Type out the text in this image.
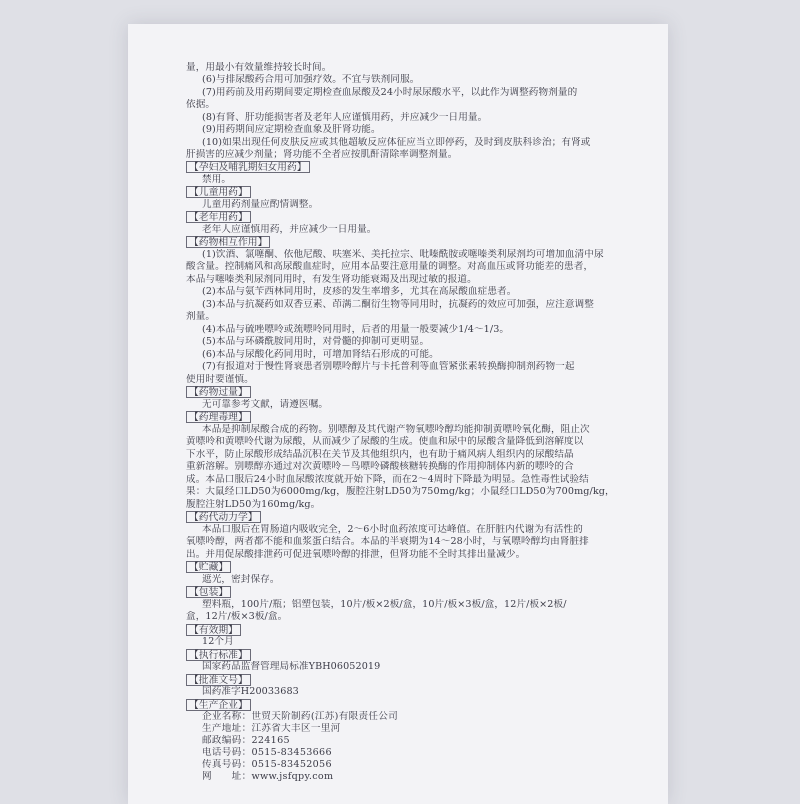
量，用最小有效量维持较长时间。
(6)与排尿酸药合用可加强疗效。不宜与铁剂同服。
(7)用药前及用药期间要定期检查血尿酸及24小时尿尿酸水平，以此作为调整药物剂量的
依据。
(8)有肾、肝功能损害者及老年人应谨慎用药，并应减少一日用量。
(9)用药期间应定期检查血象及肝肾功能。
(10)如果出现任何皮肤反应或其他超敏反应体征应当立即停药，及时到皮肤科诊治；有肾或
肝损害的应减少剂量；肾功能不全者应按肌酐清除率调整剂量。
【孕妇及哺乳期妇女用药】
禁用。
【儿童用药】
儿童用药剂量应酌情调整。
【老年用药】
老年人应谨慎用药，并应减少一日用量。
【药物相互作用】
(1)饮酒、氯噻酮、依他尼酸、呋塞米、美托拉宗、吡嗪酰胺或噻嗪类利尿剂均可增加血清中尿
酸含量。控制痛风和高尿酸血症时，应用本品要注意用量的调整。对高血压或肾功能差的患者，
本品与噻嗪类利尿剂同用时，有发生肾功能衰竭及出现过敏的报道。
(2)本品与氨苄西林同用时，皮疹的发生率增多，尤其在高尿酸血症患者。
(3)本品与抗凝药如双香豆素、茚满二酮衍生物等同用时，抗凝药的效应可加强，应注意调整
剂量。
(4)本品与硫唑嘌呤或巯嘌呤同用时，后者的用量一般要减少1/4～1/3。
(5)本品与环磷酰胺同用时，对骨髓的抑制可更明显。
(6)本品与尿酸化药同用时，可增加肾结石形成的可能。
(7)有报道对于慢性肾衰患者别嘌呤醇片与卡托普利等血管紧张素转换酶抑制剂药物一起
使用时要谨慎。
【药物过量】
无可靠参考文献，请遵医嘱。
【药理毒理】
本品是抑制尿酸合成的药物。别嘌醇及其代谢产物氧嘌呤醇均能抑制黄嘌呤氧化酶，阻止次
黄嘌呤和黄嘌呤代谢为尿酸，从而减少了尿酸的生成。使血和尿中的尿酸含量降低到溶解度以
下水平，防止尿酸形成结晶沉积在关节及其他组织内，也有助于痛风病人组织内的尿酸结晶
重新溶解。别嘌醇亦通过对次黄嘌呤－鸟嘌呤磷酸核糖转换酶的作用抑制体内新的嘌呤的合
成。本品口服后24小时血尿酸浓度就开始下降，而在2～4周时下降最为明显。急性毒性试验结
果：大鼠经口LD50为6000mg/kg，腹腔注射LD50为750mg/kg；小鼠经口LD50为700mg/kg，
腹腔注射LD50为160mg/kg。
【药代动力学】
本品口服后在胃肠道内吸收完全，2～6小时血药浓度可达峰值。在肝脏内代谢为有活性的
氧嘌呤醇，两者都不能和血浆蛋白结合。本品的半衰期为14～28小时，与氧嘌呤醇均由肾脏排
出。并用促尿酸排泄药可促进氧嘌呤醇的排泄，但肾功能不全时其排出量减少。
【贮藏】
遮光，密封保存。
【包装】
塑料瓶，100片/瓶；铝塑包装，10片/板×2板/盒，10片/板×3板/盒，12片/板×2板/
盒，12片/板×3板/盒。
【有效期】
12个月
【执行标准】
国家药品监督管理局标准YBH06052019
【批准文号】
国药准字H20033683
【生产企业】
企业名称：世贸天阶制药(江苏)有限责任公司
生产地址：江苏省大丰区一里河
邮政编码：224165
电话号码：0515-83453666
传真号码：0515-83452056
网　　址：www.jsfqpy.com
